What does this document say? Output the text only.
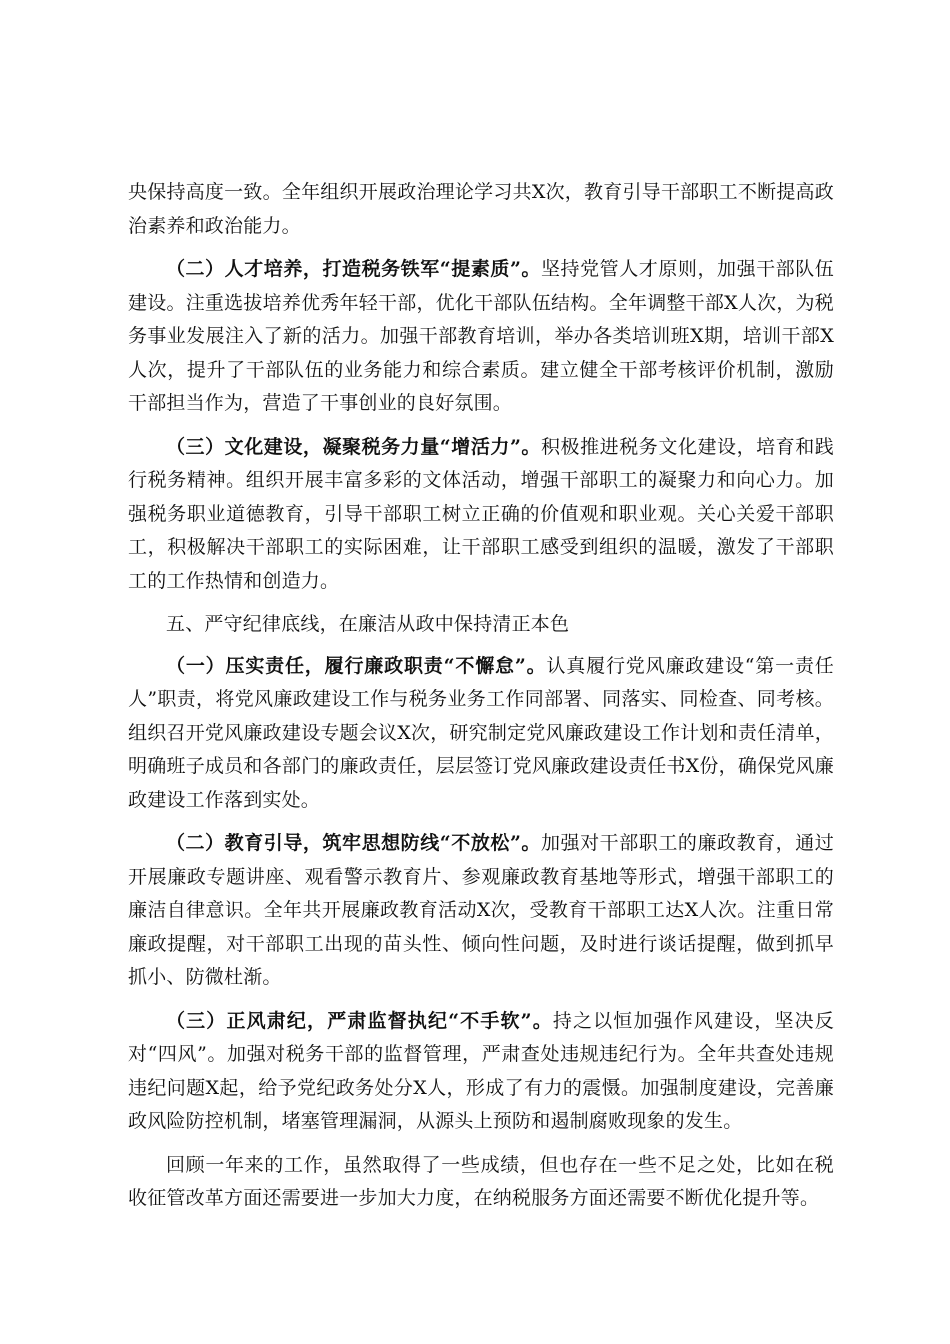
央保持高度一致。全年组织开展政治理论学习共X次，教育引导干部职工不断提高政治素养和政治能力。

（二）人才培养，打造税务铁军“提素质”。坚持党管人才原则，加强干部队伍建设。注重选拔培养优秀年轻干部，优化干部队伍结构。全年调整干部X人次，为税务事业发展注入了新的活力。加强干部教育培训，举办各类培训班X期，培训干部X人次，提升了干部队伍的业务能力和综合素质。建立健全干部考核评价机制，激励干部担当作为，营造了干事创业的良好氛围。

（三）文化建设，凝聚税务力量“增活力”。积极推进税务文化建设，培育和践行税务精神。组织开展丰富多彩的文体活动，增强干部职工的凝聚力和向心力。加强税务职业道德教育，引导干部职工树立正确的价值观和职业观。关心关爱干部职工，积极解决干部职工的实际困难，让干部职工感受到组织的温暖，激发了干部职工的工作热情和创造力。

五、严守纪律底线，在廉洁从政中保持清正本色

（一）压实责任，履行廉政职责“不懈怠”。认真履行党风廉政建设“第一责任人”职责，将党风廉政建设工作与税务业务工作同部署、同落实、同检查、同考核。组织召开党风廉政建设专题会议X次，研究制定党风廉政建设工作计划和责任清单，明确班子成员和各部门的廉政责任，层层签订党风廉政建设责任书X份，确保党风廉政建设工作落到实处。

（二）教育引导，筑牢思想防线“不放松”。加强对干部职工的廉政教育，通过开展廉政专题讲座、观看警示教育片、参观廉政教育基地等形式，增强干部职工的廉洁自律意识。全年共开展廉政教育活动X次，受教育干部职工达X人次。注重日常廉政提醒，对干部职工出现的苗头性、倾向性问题，及时进行谈话提醒，做到抓早抓小、防微杜渐。

（三）正风肃纪，严肃监督执纪“不手软”。持之以恒加强作风建设，坚决反对“四风”。加强对税务干部的监督管理，严肃查处违规违纪行为。全年共查处违规违纪问题X起，给予党纪政务处分X人，形成了有力的震慑。加强制度建设，完善廉政风险防控机制，堵塞管理漏洞，从源头上预防和遏制腐败现象的发生。

回顾一年来的工作，虽然取得了一些成绩，但也存在一些不足之处，比如在税收征管改革方面还需要进一步加大力度，在纳税服务方面还需要不断优化提升等。
